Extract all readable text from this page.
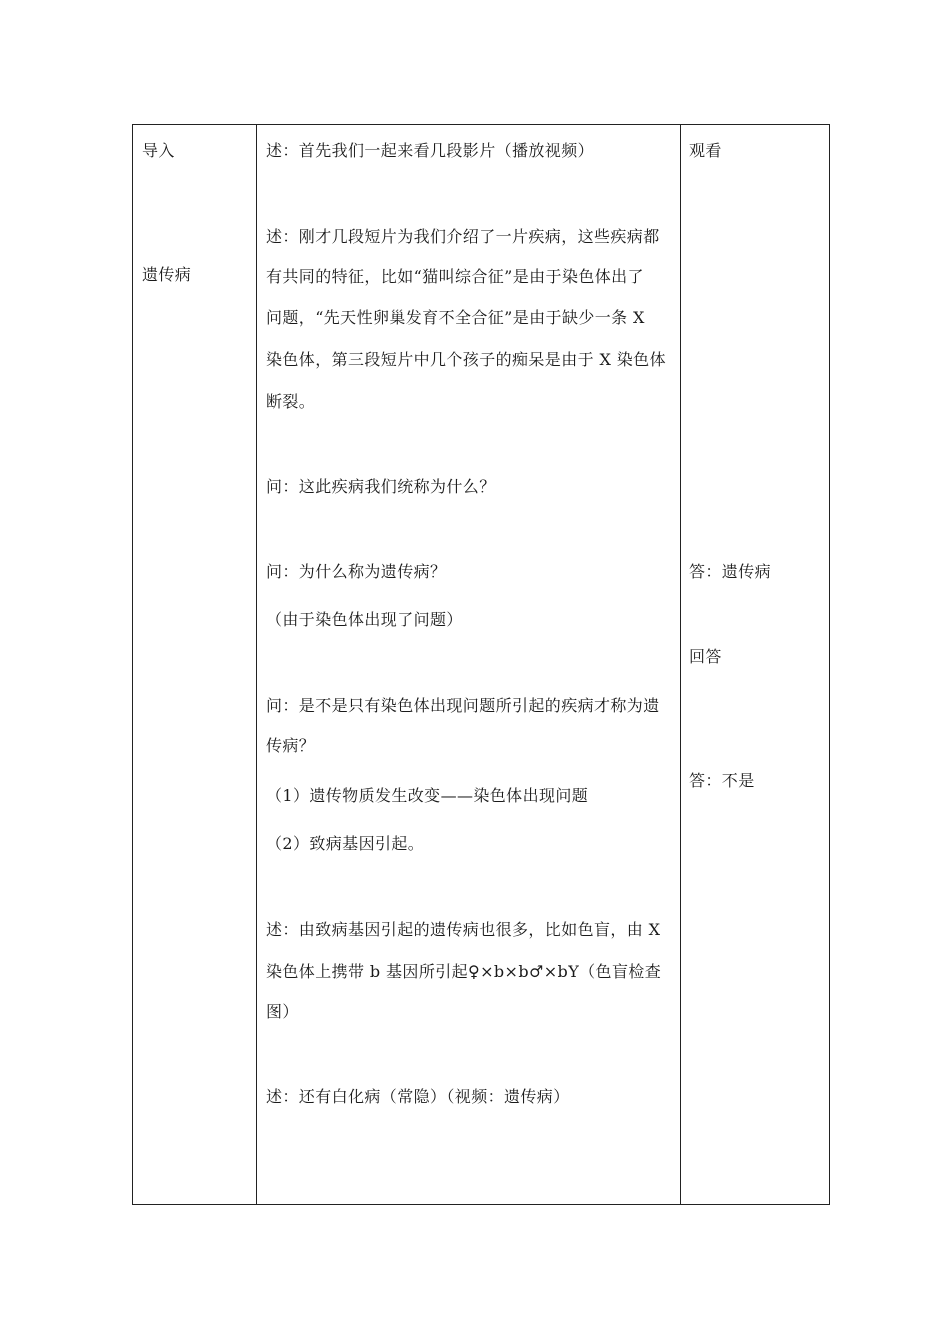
导入
遗传病
述：首先我们一起来看几段影片（播放视频）
述：刚才几段短片为我们介绍了一片疾病，这些疾病都
有共同的特征，比如“猫叫综合征”是由于染色体出了
问题，“先天性卵巢发育不全合征”是由于缺少一条 X
染色体，第三段短片中几个孩子的痴呆是由于 X 染色体
断裂。
问：这此疾病我们统称为什么？
问：为什么称为遗传病？
（由于染色体出现了问题）
问：是不是只有染色体出现问题所引起的疾病才称为遗
传病？
（1）遗传物质发生改变——染色体出现问题
（2）致病基因引起。
述：由致病基因引起的遗传病也很多，比如色盲，由 X
染色体上携带 b 基因所引起♀×b×b♂×bY（色盲检查
图）
述：还有白化病（常隐）（视频：遗传病）
观看
答：遗传病
回答
答：不是
